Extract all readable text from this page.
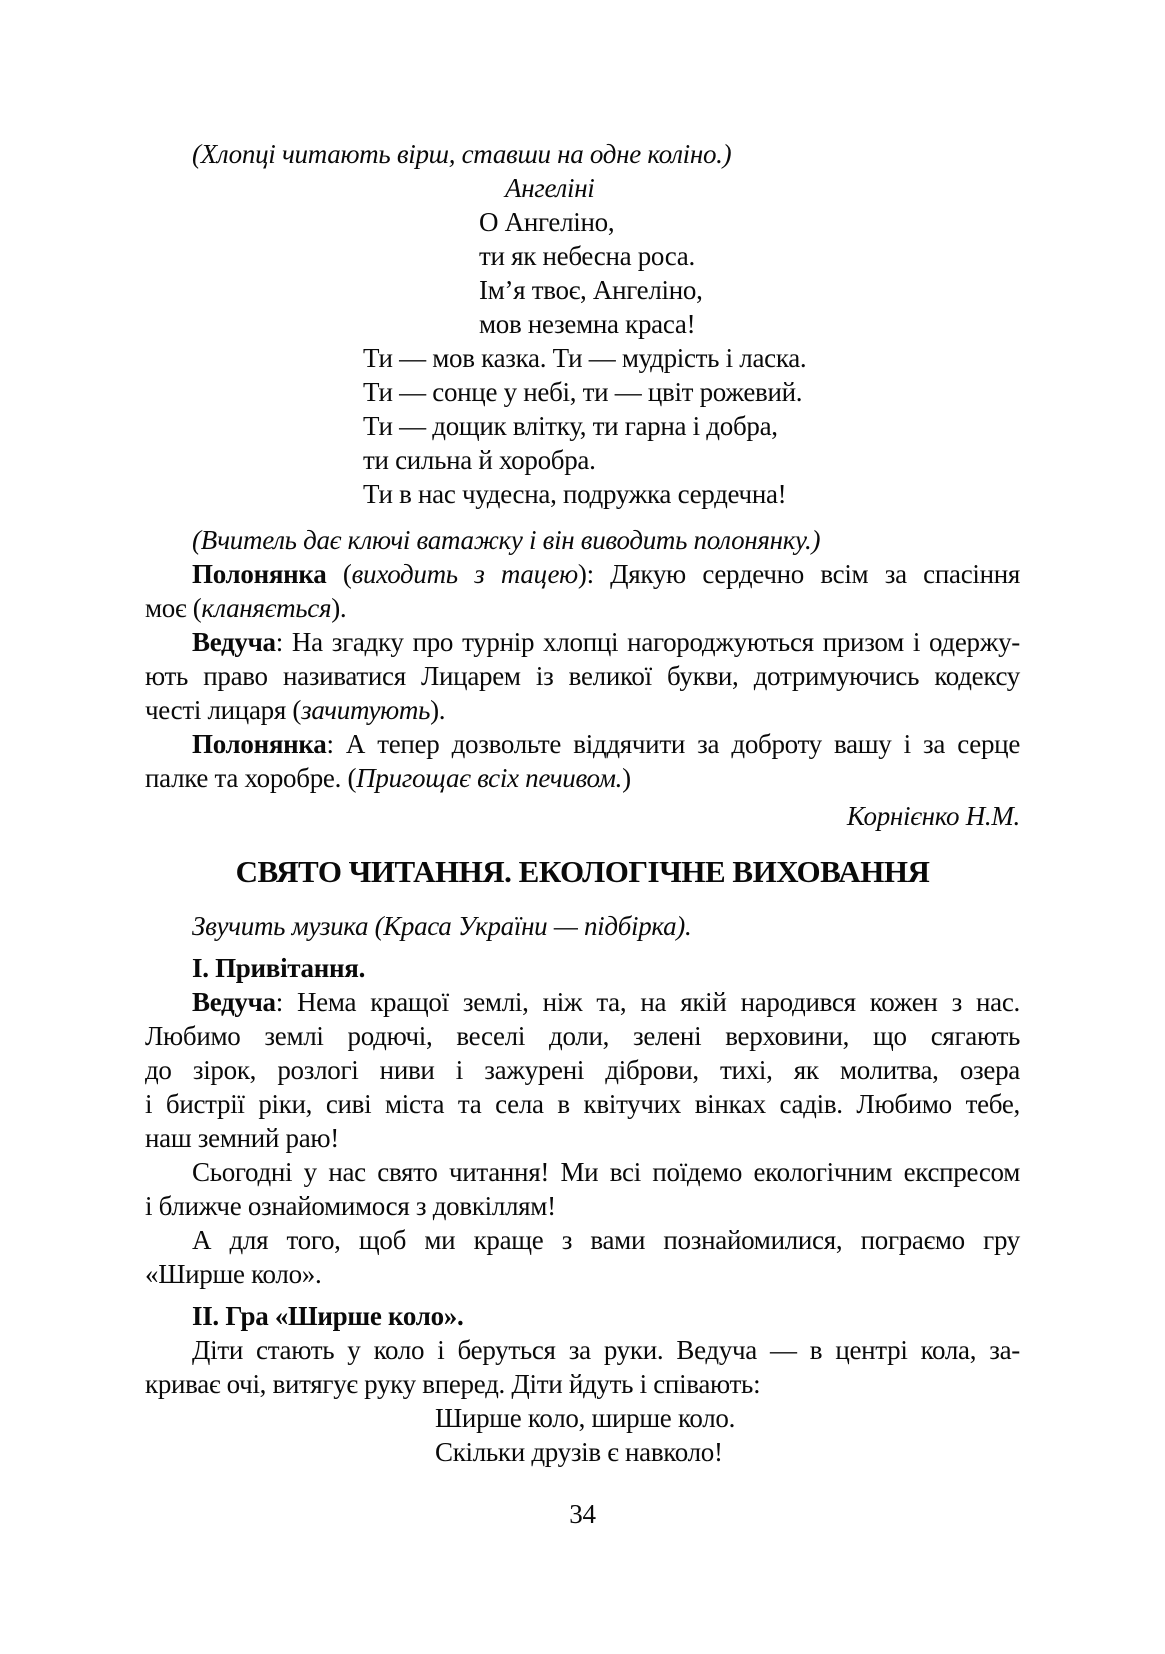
(Хлопці читають вірш, ставши на одне коліно.)

Ангеліні

О Ангеліно,

ти як небесна роса.

Ім’я твоє, Ангеліно,

мов неземна краса!

Ти — мов казка. Ти — мудрість і ласка.

Ти — сонце у небі, ти — цвіт рожевий.

Ти — дощик влітку, ти гарна і добра,

ти сильна й хоробра.

Ти в нас чудесна, подружка сердечна!

(Вчитель дає ключі ватажку і він виводить полонянку.)

Полонянка (виходить з тацею): Дякую сердечно всім за спасіння

моє (кланяється).

Ведуча: На згадку про турнір хлопці нагороджуються призом і одержу-

ють право називатися Лицарем із великої букви, дотримуючись кодексу

честі лицаря (зачитують).

Полонянка: А тепер дозвольте віддячити за доброту вашу і за серце

палке та хоробре. (Пригощає всіх печивом.)

Корнієнко Н.М.

СВЯТО ЧИТАННЯ. ЕКОЛОГІЧНЕ ВИХОВАННЯ

Звучить музика (Краса України — підбірка).

І. Привітання.

Ведуча: Нема кращої землі, ніж та, на якій народився кожен з нас.

Любимо землі родючі, веселі доли, зелені верховини, що сягають

до зірок, розлогі ниви і зажурені діброви, тихі, як молитва, озера

і бистрії ріки, сиві міста та села в квітучих вінках садів. Любимо тебе,

наш земний раю!

Сьогодні у нас свято читання! Ми всі поїдемо екологічним експресом

і ближче ознайомимося з довкіллям!

А для того, щоб ми краще з вами познайомилися, пограємо гру

«Ширше коло».

ІІ. Гра «Ширше коло».

Діти стають у коло і беруться за руки. Ведуча — в центрі кола, за-

криває очі, витягує руку вперед. Діти йдуть і співають:

Ширше коло, ширше коло.

Скільки друзів є навколо!

34
